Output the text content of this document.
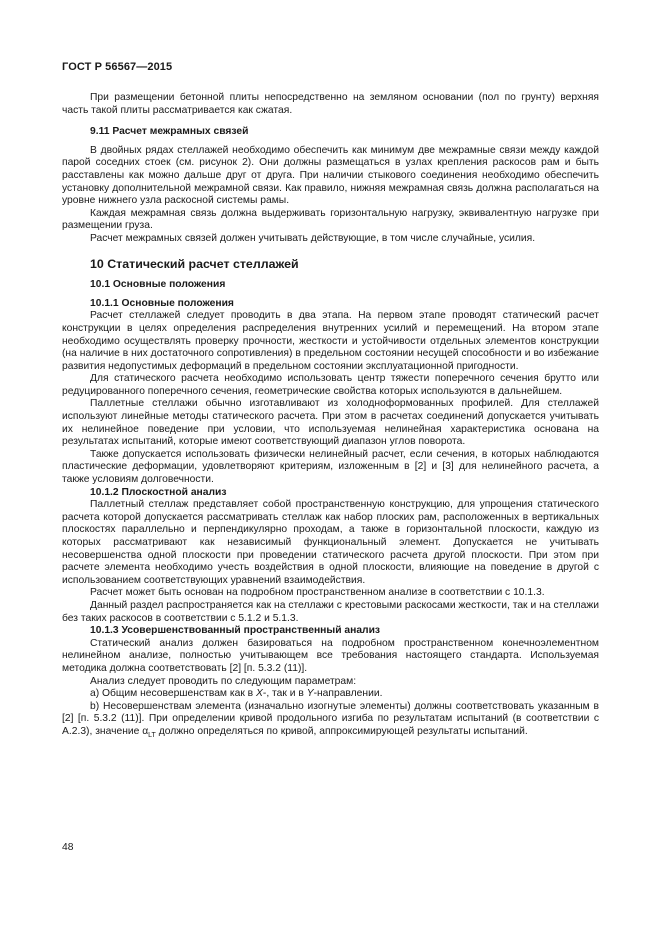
ГОСТ Р 56567—2015

При размещении бетонной плиты непосредственно на земляном основании (пол по грунту) верхняя часть такой плиты рассматривается как сжатая.

9.11 Расчет межрамных связей

В двойных рядах стеллажей необходимо обеспечить как минимум две межрамные связи между каждой парой соседних стоек (см. рисунок 2). Они должны размещаться в узлах крепления раскосов рам и быть расставлены как можно дальше друг от друга. При наличии стыкового соединения необходимо обеспечить установку дополнительной межрамной связи. Как правило, нижняя межрамная связь должна располагаться на уровне нижнего узла раскосной системы рамы.

Каждая межрамная связь должна выдерживать горизонтальную нагрузку, эквивалентную нагрузке при размещении груза.

Расчет межрамных связей должен учитывать действующие, в том числе случайные, усилия.

10 Статический расчет стеллажей
10.1 Основные положения
10.1.1 Основные положения

Расчет стеллажей следует проводить в два этапа. На первом этапе проводят статический расчет конструкции в целях определения распределения внутренних усилий и перемещений. На втором этапе необходимо осуществлять проверку прочности, жесткости и устойчивости отдельных элементов конструкции (на наличие в них достаточного сопротивления) в предельном состоянии несущей способности и во избежание развития недопустимых деформаций в предельном состоянии эксплуатационной пригодности.

Для статического расчета необходимо использовать центр тяжести поперечного сечения брутто или редуцированного поперечного сечения, геометрические свойства которых используются в дальнейшем.

Паллетные стеллажи обычно изготавливают из холодноформованных профилей. Для стеллажей используют линейные методы статического расчета. При этом в расчетах соединений допускается учитывать их нелинейное поведение при условии, что используемая нелинейная характеристика основана на результатах испытаний, которые имеют соответствующий диапазон углов поворота.

Также допускается использовать физически нелинейный расчет, если сечения, в которых наблюдаются пластические деформации, удовлетворяют критериям, изложенным в [2] и [3] для нелинейного расчета, а также условиям долговечности.

10.1.2 Плоскостной анализ

Паллетный стеллаж представляет собой пространственную конструкцию, для упрощения статического расчета которой допускается рассматривать стеллаж как набор плоских рам, расположенных в вертикальных плоскостях параллельно и перпендикулярно проходам, а также в горизонтальной плоскости, каждую из которых рассматривают как независимый функциональный элемент. Допускается не учитывать несовершенства одной плоскости при проведении статического расчета другой плоскости. При этом при расчете элемента необходимо учесть воздействия в одной плоскости, влияющие на поведение в другой с использованием соответствующих уравнений взаимодействия.

Расчет может быть основан на подробном пространственном анализе в соответствии с 10.1.3.

Данный раздел распространяется как на стеллажи с крестовыми раскосами жесткости, так и на стеллажи без таких раскосов в соответствии с 5.1.2 и 5.1.3.

10.1.3 Усовершенствованный пространственный анализ

Статический анализ должен базироваться на подробном пространственном конечноэлементном нелинейном анализе, полностью учитывающем все требования настоящего стандарта. Используемая методика должна соответствовать [2] [п. 5.3.2 (11)].

Анализ следует проводить по следующим параметрам:

a) Общим несовершенствам как в X-, так и в Y-направлении.

b) Несовершенствам элемента (изначально изогнутые элементы) должны соответствовать указанным в [2] [п. 5.3.2 (11)]. При определении кривой продольного изгиба по результатам испытаний (в соответствии с А.2.3), значение $\alpha_{LT}$ должно определяться по кривой, аппроксимирующей результаты испытаний.

48
